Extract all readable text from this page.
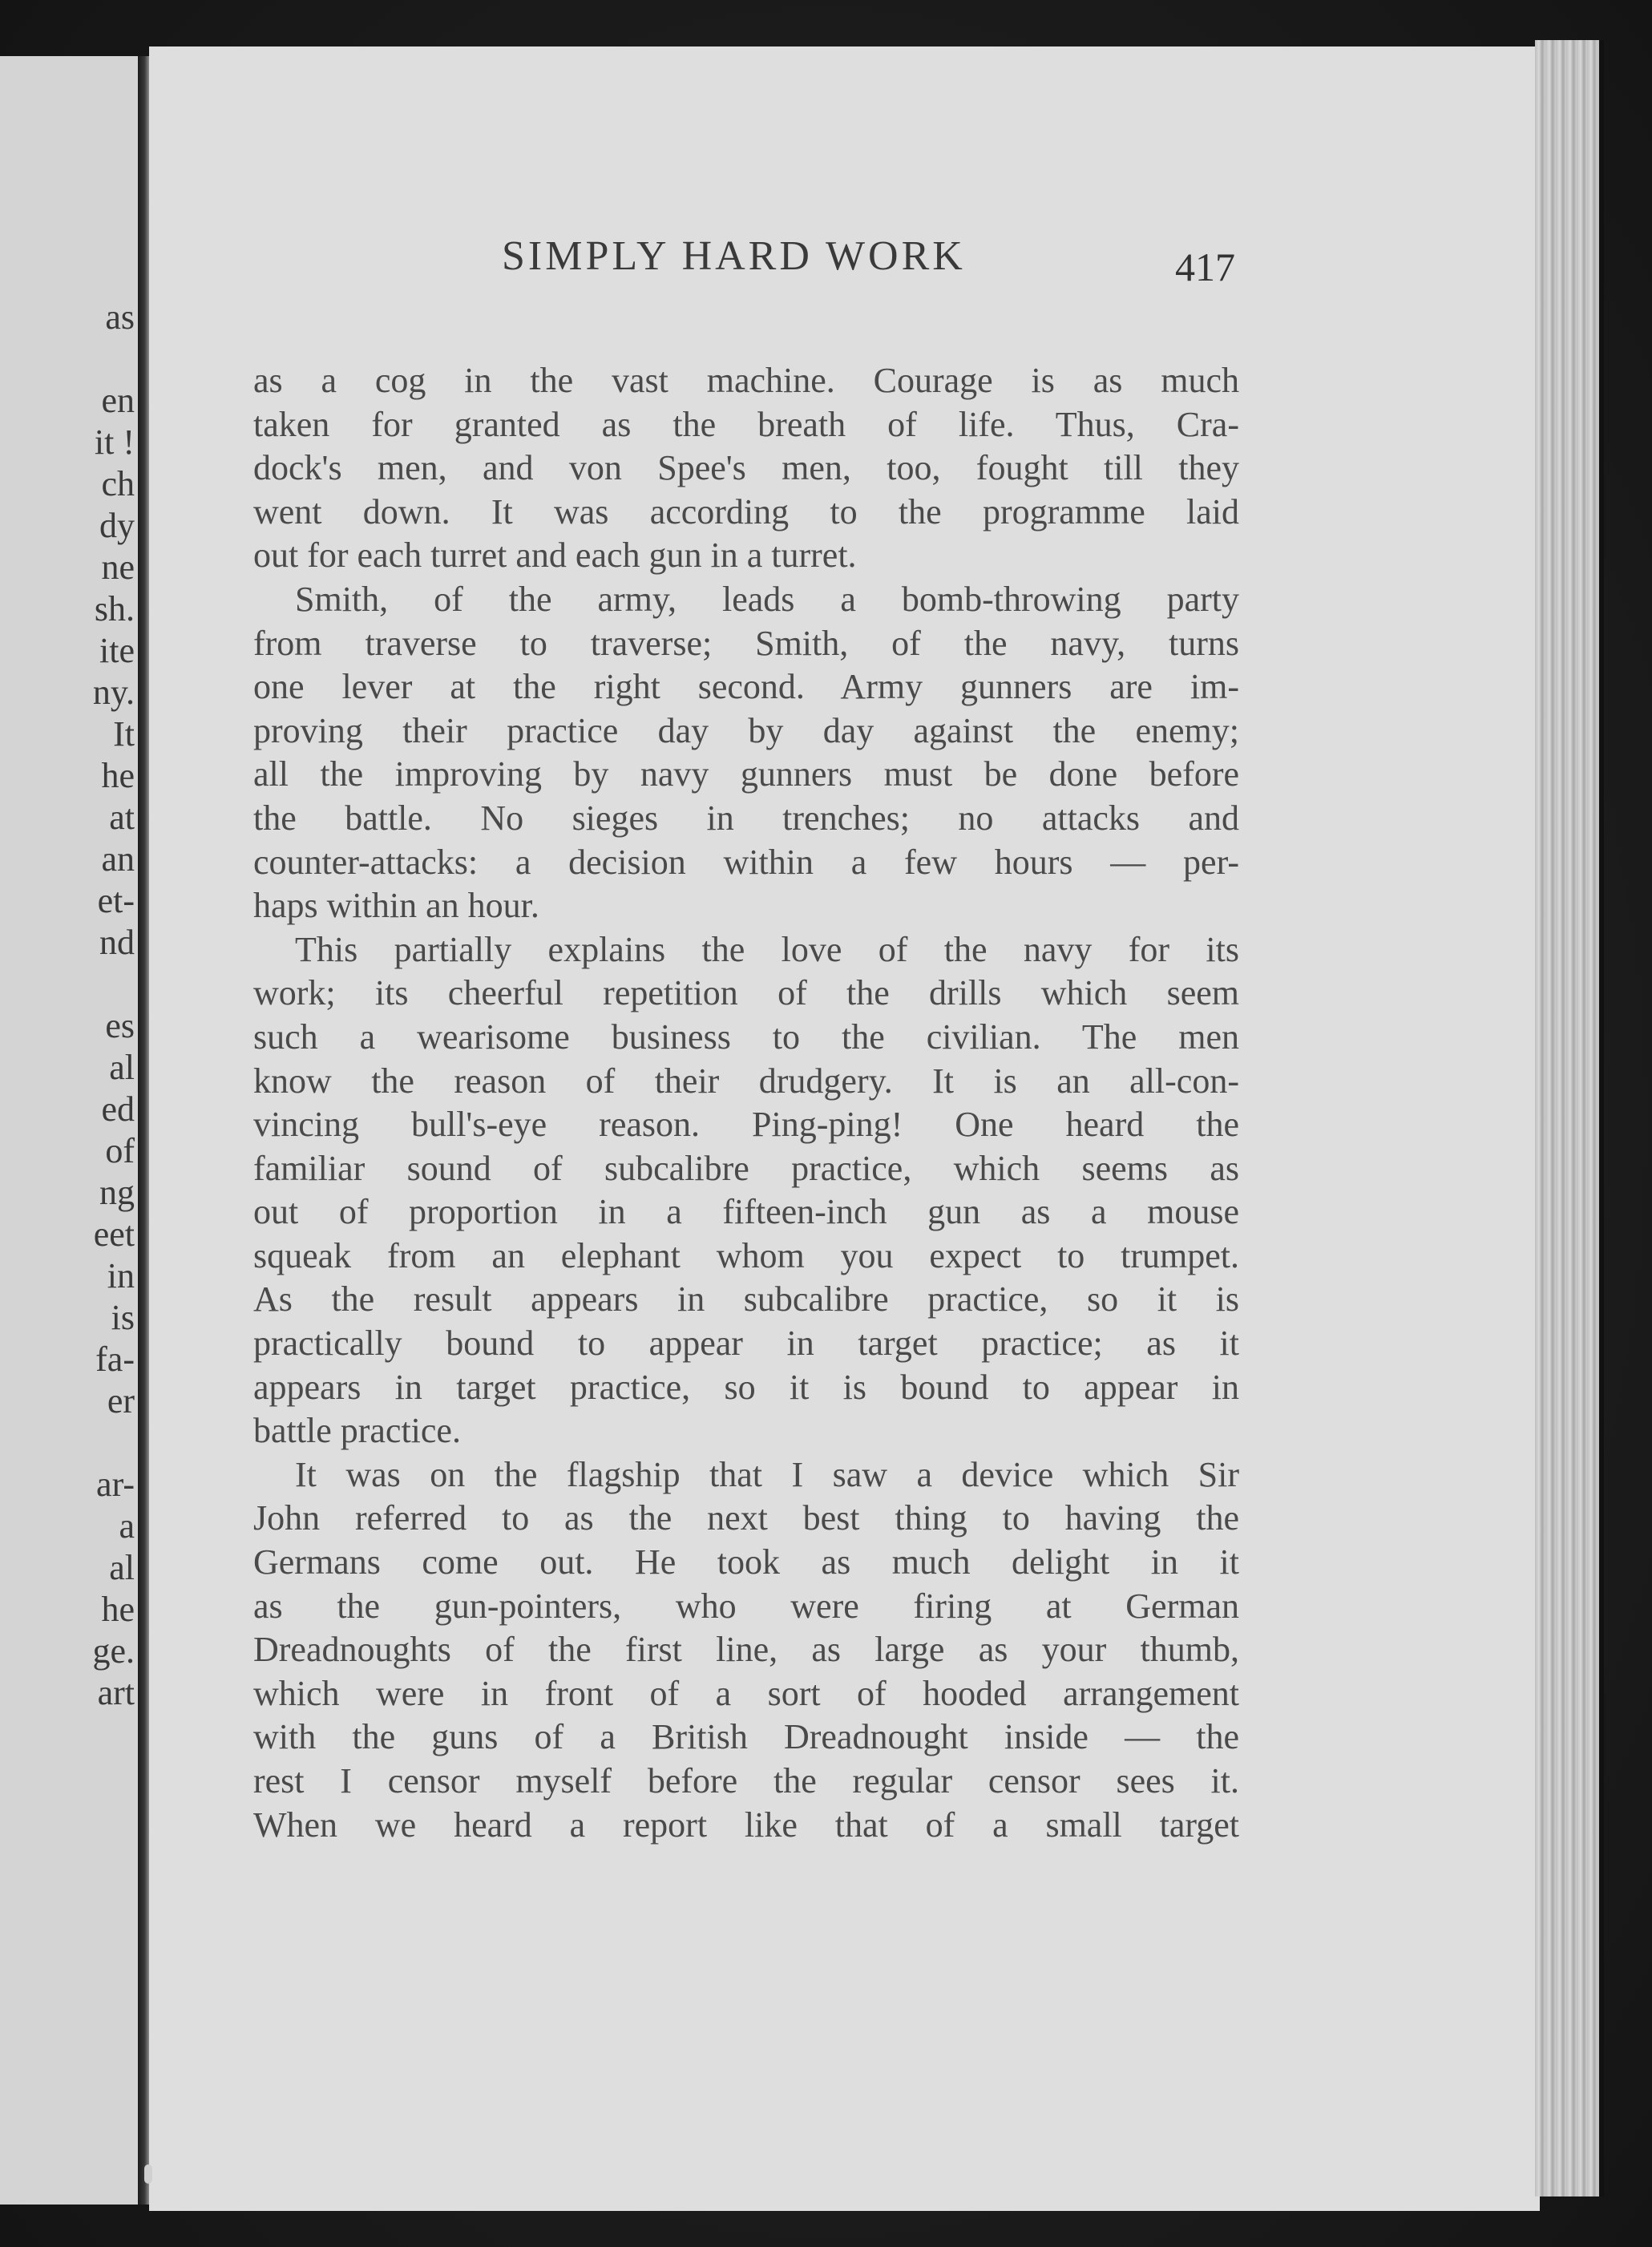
as
en
it !
ch
dy
ne
sh.
ite
ny.
It
he
at
an
et-
nd
es
al
ed
of
ng
eet
in
is
fa-
er
ar-
a
al
he
ge.
art
SIMPLY HARD WORK	417
as a cog in the vast machine. Courage is as much
taken for granted as the breath of life. Thus, Cra-
dock's men, and von Spee's men, too, fought till they
went down. It was according to the programme laid
out for each turret and each gun in a turret.
Smith, of the army, leads a bomb-throwing party
from traverse to traverse; Smith, of the navy, turns
one lever at the right second. Army gunners are im-
proving their practice day by day against the enemy;
all the improving by navy gunners must be done before
the battle. No sieges in trenches; no attacks and
counter-attacks: a decision within a few hours — per-
haps within an hour.
This partially explains the love of the navy for its
work; its cheerful repetition of the drills which seem
such a wearisome business to the civilian. The men
know the reason of their drudgery. It is an all-con-
vincing bull's-eye reason. Ping-ping! One heard the
familiar sound of subcalibre practice, which seems as
out of proportion in a fifteen-inch gun as a mouse
squeak from an elephant whom you expect to trumpet.
As the result appears in subcalibre practice, so it is
practically bound to appear in target practice; as it
appears in target practice, so it is bound to appear in
battle practice.
It was on the flagship that I saw a device which Sir
John referred to as the next best thing to having the
Germans come out. He took as much delight in it
as the gun-pointers, who were firing at German
Dreadnoughts of the first line, as large as your thumb,
which were in front of a sort of hooded arrangement
with the guns of a British Dreadnought inside — the
rest I censor myself before the regular censor sees it.
When we heard a report like that of a small target
